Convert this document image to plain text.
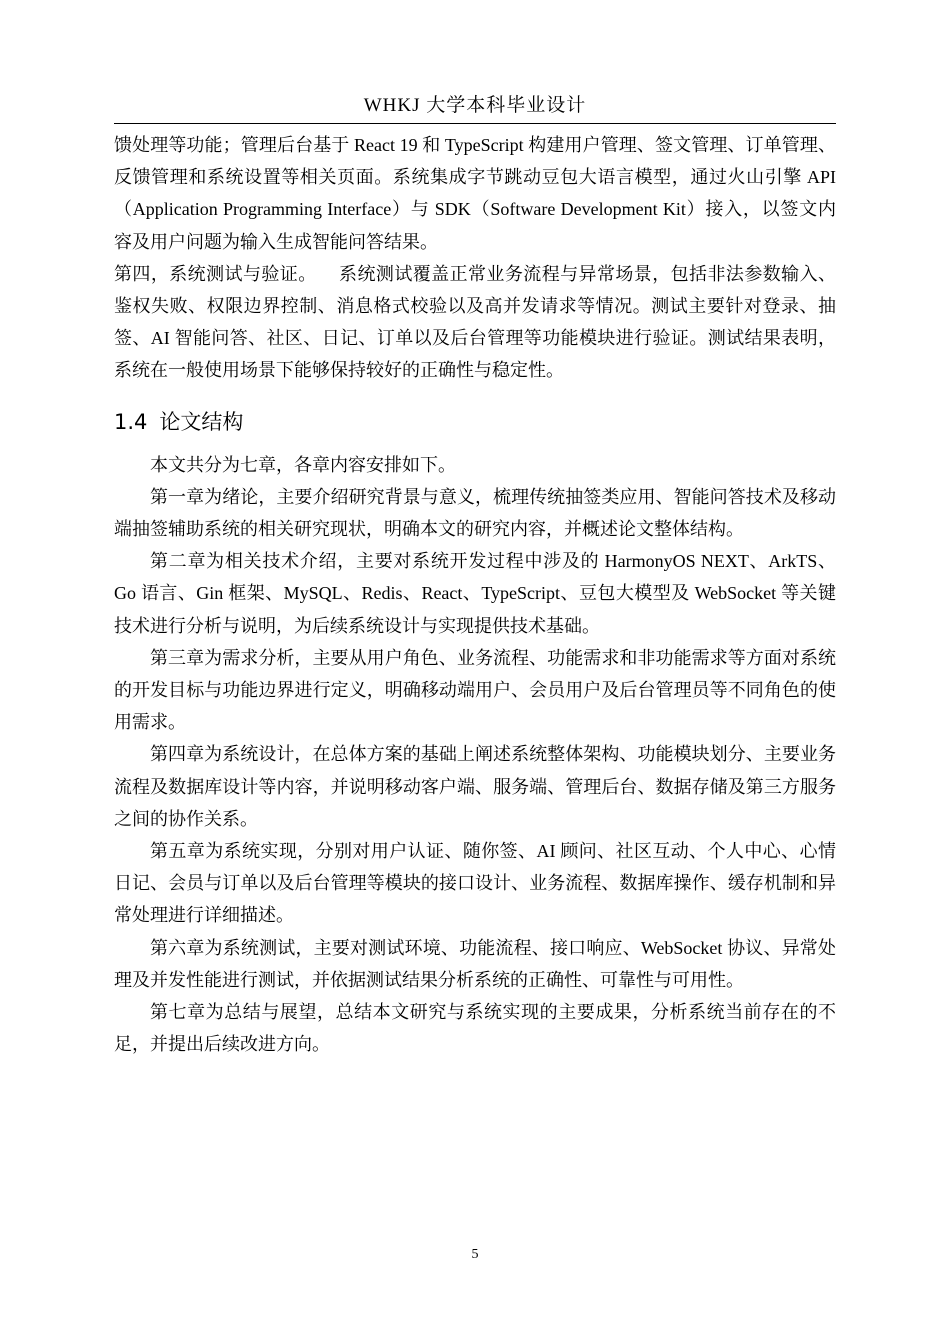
WHKJ 大学本科毕业设计

馈处理等功能；管理后台基于 React 19 和 TypeScript 构建用户管理、签文管理、订单管理、反馈管理和系统设置等相关页面。系统集成字节跳动豆包大语言模型，通过火山引擎 API（Application Programming Interface）与 SDK（Software Development Kit）接入，以签文内容及用户问题为输入生成智能问答结果。

第四，系统测试与验证。 系统测试覆盖正常业务流程与异常场景，包括非法参数输入、鉴权失败、权限边界控制、消息格式校验以及高并发请求等情况。测试主要针对登录、抽签、AI 智能问答、社区、日记、订单以及后台管理等功能模块进行验证。测试结果表明，系统在一般使用场景下能够保持较好的正确性与稳定性。

1.4 论文结构

本文共分为七章，各章内容安排如下。

第一章为绪论，主要介绍研究背景与意义，梳理传统抽签类应用、智能问答技术及移动端抽签辅助系统的相关研究现状，明确本文的研究内容，并概述论文整体结构。

第二章为相关技术介绍，主要对系统开发过程中涉及的 HarmonyOS NEXT、ArkTS、Go 语言、Gin 框架、MySQL、Redis、React、TypeScript、豆包大模型及 WebSocket 等关键技术进行分析与说明，为后续系统设计与实现提供技术基础。

第三章为需求分析，主要从用户角色、业务流程、功能需求和非功能需求等方面对系统的开发目标与功能边界进行定义，明确移动端用户、会员用户及后台管理员等不同角色的使用需求。

第四章为系统设计，在总体方案的基础上阐述系统整体架构、功能模块划分、主要业务流程及数据库设计等内容，并说明移动客户端、服务端、管理后台、数据存储及第三方服务之间的协作关系。

第五章为系统实现，分别对用户认证、随你签、AI 顾问、社区互动、个人中心、心情日记、会员与订单以及后台管理等模块的接口设计、业务流程、数据库操作、缓存机制和异常处理进行详细描述。

第六章为系统测试，主要对测试环境、功能流程、接口响应、WebSocket 协议、异常处理及并发性能进行测试，并依据测试结果分析系统的正确性、可靠性与可用性。

第七章为总结与展望，总结本文研究与系统实现的主要成果，分析系统当前存在的不足，并提出后续改进方向。

5
